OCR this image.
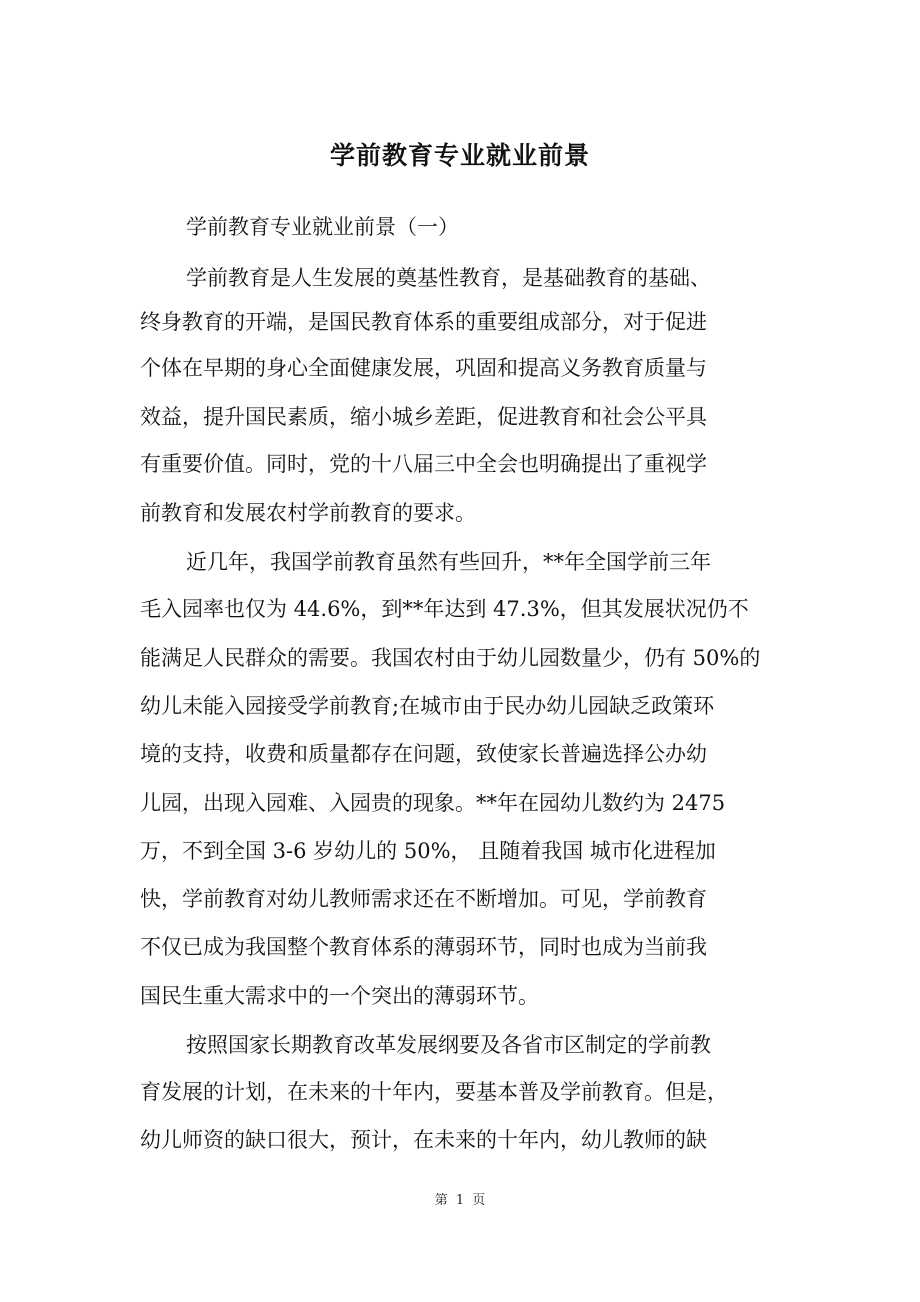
学前教育专业就业前景
学前教育专业就业前景（一）
学前教育是人生发展的奠基性教育，是基础教育的基础、
终身教育的开端，是国民教育体系的重要组成部分，对于促进
个体在早期的身心全面健康发展，巩固和提高义务教育质量与
效益，提升国民素质，缩小城乡差距，促进教育和社会公平具
有重要价值。同时，党的十八届三中全会也明确提出了重视学
前教育和发展农村学前教育的要求。
近几年，我国学前教育虽然有些回升，**年全国学前三年
毛入园率也仅为 44.6%，到**年达到 47.3%，但其发展状况仍不
能满足人民群众的需要。我国农村由于幼儿园数量少，仍有 50%的
幼儿未能入园接受学前教育;在城市由于民办幼儿园缺乏政策环
境的支持，收费和质量都存在问题，致使家长普遍选择公办幼
儿园，出现入园难、入园贵的现象。**年在园幼儿数约为 2475
万，不到全国 3-6 岁幼儿的 50%， 且随着我国 城市化进程加
快，学前教育对幼儿教师需求还在不断增加。可见，学前教育
不仅已成为我国整个教育体系的薄弱环节，同时也成为当前我
国民生重大需求中的一个突出的薄弱环节。
按照国家长期教育改革发展纲要及各省市区制定的学前教
育发展的计划，在未来的十年内，要基本普及学前教育。但是，
幼儿师资的缺口很大，预计，在未来的十年内，幼儿教师的缺
第 1 页
